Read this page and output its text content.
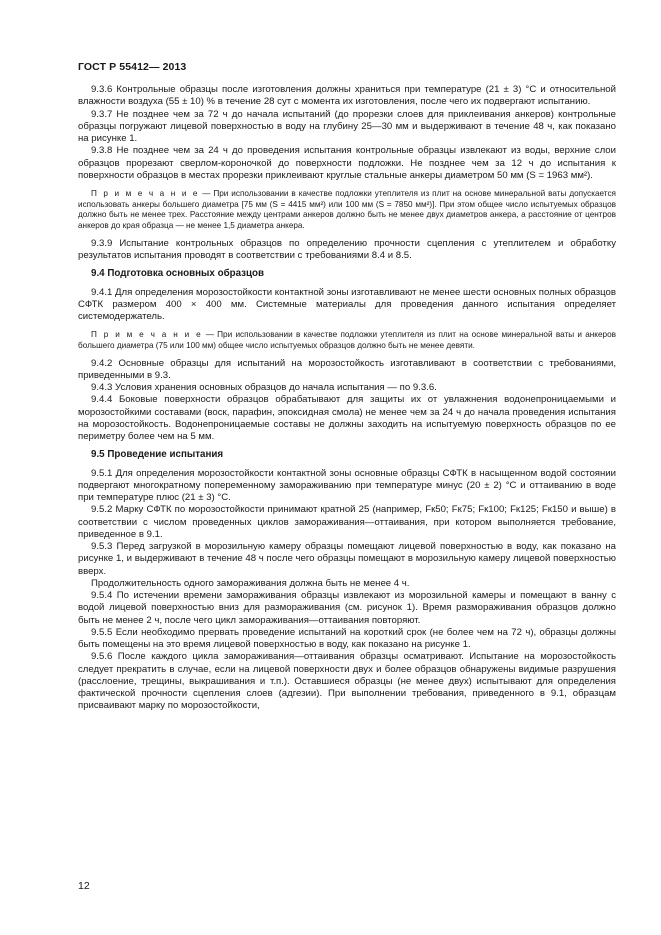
ГОСТ Р 55412— 2013

9.3.6 Контрольные образцы после изготовления должны храниться при температуре (21 ± 3) °С и относительной влажности воздуха (55 ± 10) % в течение 28 сут с момента их изготовления, после чего их подвергают испытанию.

9.3.7 Не позднее чем за 72 ч до начала испытаний (до прорезки слоев для приклеивания анкеров) контрольные образцы погружают лицевой поверхностью в воду на глубину 25—30 мм и выдерживают в течение 48 ч, как показано на рисунке 1.

9.3.8 Не позднее чем за 24 ч до проведения испытания контрольные образцы извлекают из воды, верхние слои образцов прорезают сверлом-короночкой до поверхности подложки. Не позднее чем за 12 ч до испытания к поверхности образцов в местах прорезки приклеивают круглые стальные анкеры диаметром 50 мм (S = 1963 мм²).

П р и м е ч а н и е — При использовании в качестве подложки утеплителя из плит на основе минеральной ваты допускается использовать анкеры большего диаметра [75 мм (S = 4415 мм²) или 100 мм (S = 7850 мм²)]. При этом общее число испытуемых образцов должно быть не менее трех. Расстояние между центрами анкеров должно быть не менее двух диаметров анкера, а расстояние от центров анкеров до края образца — не менее 1,5 диаметра анкера.

9.3.9 Испытание контрольных образцов по определению прочности сцепления с утеплителем и обработку результатов испытания проводят в соответствии с требованиями 8.4 и 8.5.

9.4 Подготовка основных образцов

9.4.1 Для определения морозостойкости контактной зоны изготавливают не менее шести основных полных образцов СФТК размером 400 × 400 мм. Системные материалы для проведения данного испытания определяет системодержатель.

П р и м е ч а н и е — При использовании в качестве подложки утеплителя из плит на основе минеральной ваты и анкеров большего диаметра (75 или 100 мм) общее число испытуемых образцов должно быть не менее девяти.

9.4.2 Основные образцы для испытаний на морозостойкость изготавливают в соответствии с требованиями, приведенными в 9.3.

9.4.3 Условия хранения основных образцов до начала испытания — по 9.3.6.

9.4.4 Боковые поверхности образцов обрабатывают для защиты их от увлажнения водонепроницаемыми и морозостойкими составами (воск, парафин, эпоксидная смола) не менее чем за 24 ч до начала проведения испытания на морозостойкость. Водонепроницаемые составы не должны заходить на испытуемую поверхность образцов по ее периметру более чем на 5 мм.

9.5 Проведение испытания

9.5.1 Для определения морозостойкости контактной зоны основные образцы СФТК в насыщенном водой состоянии подвергают многократному попеременному замораживанию при температуре минус (20 ± 2) °С и оттаиванию в воде при температуре плюс (21 ± 3) °С.

9.5.2 Марку СФТК по морозостойкости принимают кратной 25 (например, Fк50; Fк75; Fк100; Fк125; Fк150 и выше) в соответствии с числом проведенных циклов замораживания—оттаивания, при котором выполняется требование, приведенное в 9.1.

9.5.3 Перед загрузкой в морозильную камеру образцы помещают лицевой поверхностью в воду, как показано на рисунке 1, и выдерживают в течение 48 ч после чего образцы помещают в морозильную камеру лицевой поверхностью вверх.

Продолжительность одного замораживания должна быть не менее 4 ч.

9.5.4 По истечении времени замораживания образцы извлекают из морозильной камеры и помещают в ванну с водой лицевой поверхностью вниз для размораживания (см. рисунок 1). Время размораживания образцов должно быть не менее 2 ч, после чего цикл замораживания—оттаивания повторяют.

9.5.5 Если необходимо прервать проведение испытаний на короткий срок (не более чем на 72 ч), образцы должны быть помещены на это время лицевой поверхностью в воду, как показано на рисунке 1.

9.5.6 После каждого цикла замораживания—оттаивания образцы осматривают. Испытание на морозостойкость следует прекратить в случае, если на лицевой поверхности двух и более образцов обнаружены видимые разрушения (расслоение, трещины, выкрашивания и т.п.). Оставшиеся образцы (не менее двух) испытывают для определения фактической прочности сцепления слоев (адгезии). При выполнении требования, приведенного в 9.1, образцам присваивают марку по морозостойкости,

12
